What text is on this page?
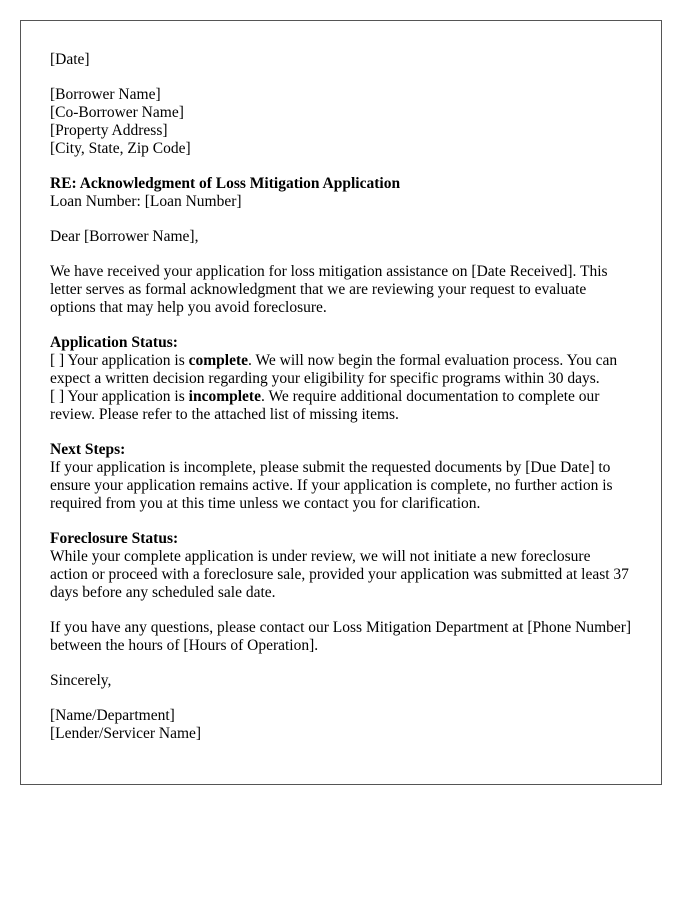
[Date]

[Borrower Name]
[Co-Borrower Name]
[Property Address]
[City, State, Zip Code]

RE: Acknowledgment of Loss Mitigation Application
Loan Number: [Loan Number]

Dear [Borrower Name],

We have received your application for loss mitigation assistance on [Date Received]. This letter serves as formal acknowledgment that we are reviewing your request to evaluate options that may help you avoid foreclosure.

Application Status:
[ ] Your application is complete. We will now begin the formal evaluation process. You can expect a written decision regarding your eligibility for specific programs within 30 days.
[ ] Your application is incomplete. We require additional documentation to complete our review. Please refer to the attached list of missing items.

Next Steps:
If your application is incomplete, please submit the requested documents by [Due Date] to ensure your application remains active. If your application is complete, no further action is required from you at this time unless we contact you for clarification.

Foreclosure Status:
While your complete application is under review, we will not initiate a new foreclosure action or proceed with a foreclosure sale, provided your application was submitted at least 37 days before any scheduled sale date.

If you have any questions, please contact our Loss Mitigation Department at [Phone Number] between the hours of [Hours of Operation].

Sincerely,

[Name/Department]
[Lender/Servicer Name]
